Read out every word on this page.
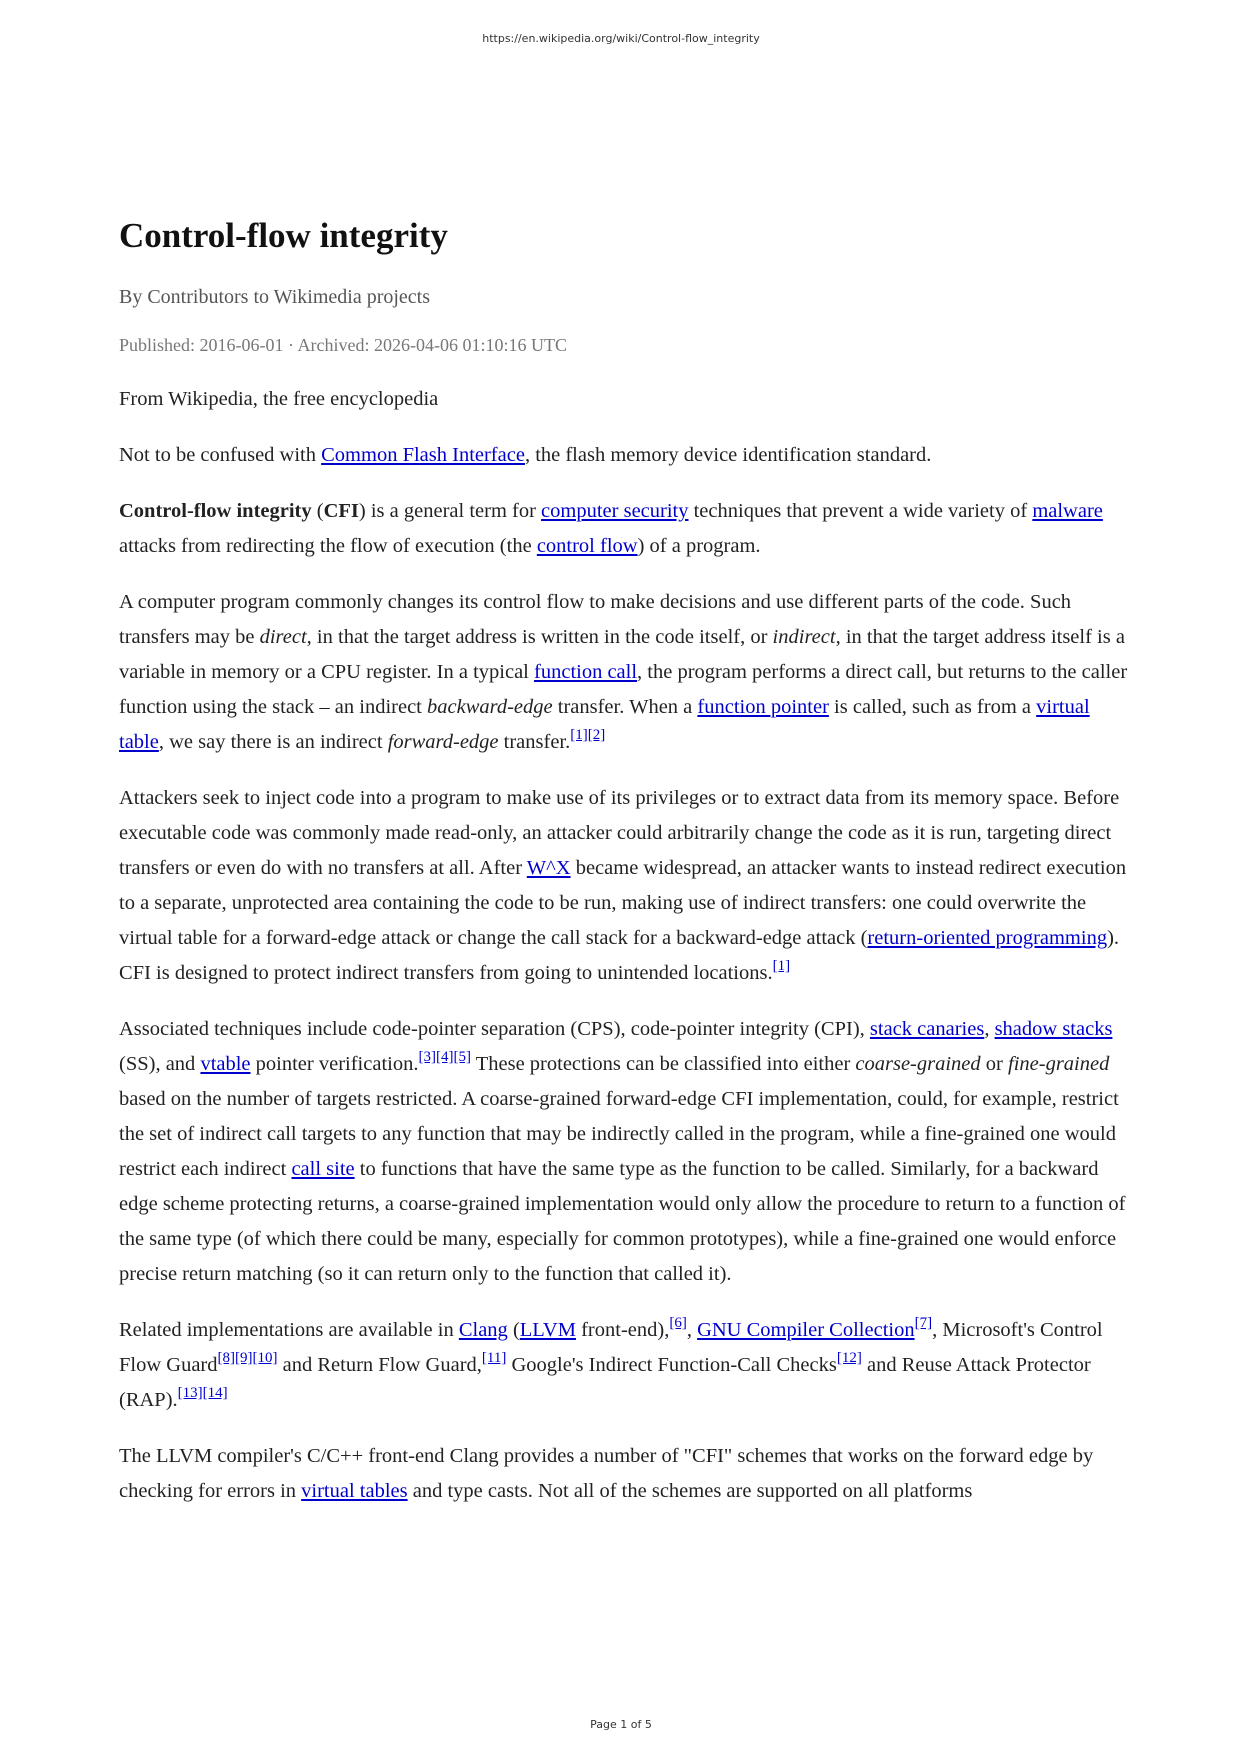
https://en.wikipedia.org/wiki/Control-flow_integrity
Control-flow integrity
By Contributors to Wikimedia projects
Published: 2016-06-01 · Archived: 2026-04-06 01:10:16 UTC

From Wikipedia, the free encyclopedia

Not to be confused with Common Flash Interface, the flash memory device identification standard.

Control-flow integrity (CFI) is a general term for computer security techniques that prevent a wide variety of malware attacks from redirecting the flow of execution (the control flow) of a program.

A computer program commonly changes its control flow to make decisions and use different parts of the code. Such transfers may be direct, in that the target address is written in the code itself, or indirect, in that the target address itself is a variable in memory or a CPU register. In a typical function call, the program performs a direct call, but returns to the caller function using the stack – an indirect backward-edge transfer. When a function pointer is called, such as from a virtual table, we say there is an indirect forward-edge transfer.[1][2]

Attackers seek to inject code into a program to make use of its privileges or to extract data from its memory space. Before executable code was commonly made read-only, an attacker could arbitrarily change the code as it is run, targeting direct transfers or even do with no transfers at all. After W^X became widespread, an attacker wants to instead redirect execution to a separate, unprotected area containing the code to be run, making use of indirect transfers: one could overwrite the virtual table for a forward-edge attack or change the call stack for a backward-edge attack (return-oriented programming). CFI is designed to protect indirect transfers from going to unintended locations.[1]

Associated techniques include code-pointer separation (CPS), code-pointer integrity (CPI), stack canaries, shadow stacks (SS), and vtable pointer verification.[3][4][5] These protections can be classified into either coarse-grained or fine-grained based on the number of targets restricted. A coarse-grained forward-edge CFI implementation, could, for example, restrict the set of indirect call targets to any function that may be indirectly called in the program, while a fine-grained one would restrict each indirect call site to functions that have the same type as the function to be called. Similarly, for a backward edge scheme protecting returns, a coarse-grained implementation would only allow the procedure to return to a function of the same type (of which there could be many, especially for common prototypes), while a fine-grained one would enforce precise return matching (so it can return only to the function that called it).

Related implementations are available in Clang (LLVM front-end),[6], GNU Compiler Collection[7], Microsoft's Control Flow Guard[8][9][10] and Return Flow Guard,[11] Google's Indirect Function-Call Checks[12] and Reuse Attack Protector (RAP).[13][14]

The LLVM compiler's C/C++ front-end Clang provides a number of "CFI" schemes that works on the forward edge by checking for errors in virtual tables and type casts. Not all of the schemes are supported on all platforms

Page 1 of 5
